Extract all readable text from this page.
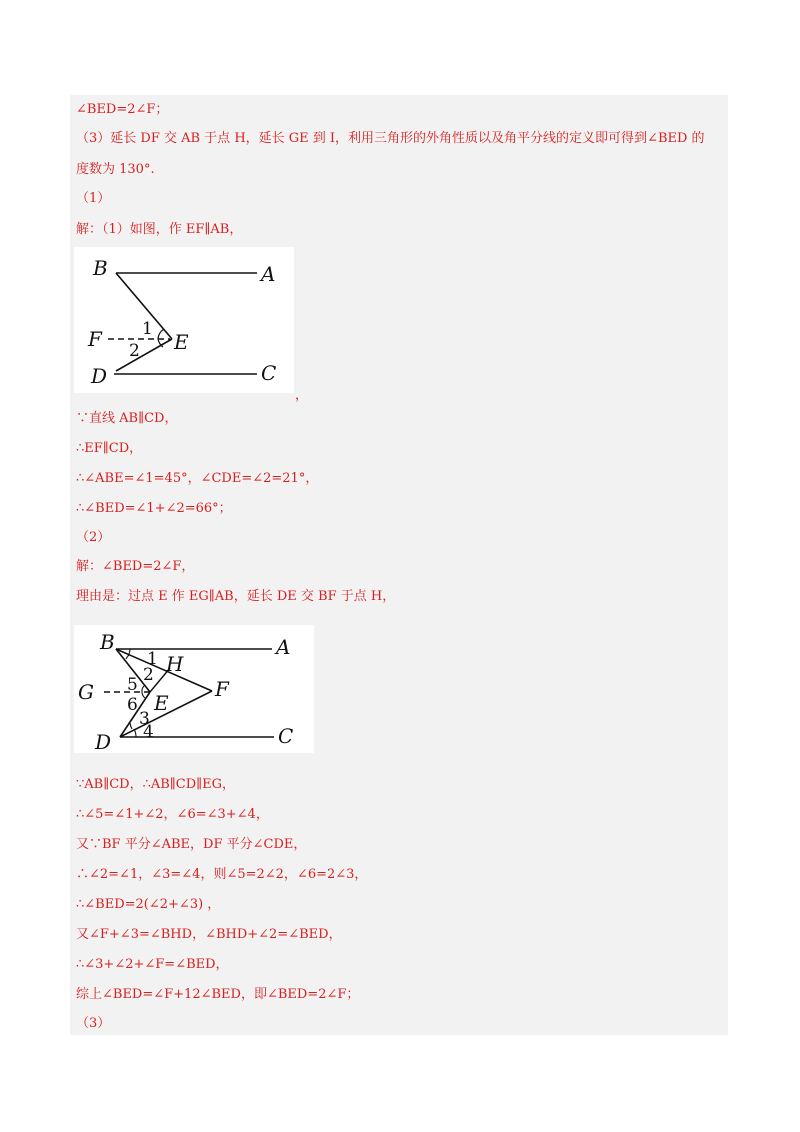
∠BED=2∠F；
（3）延长 DF 交 AB 于点 H，延长 GE 到 I，利用三角形的外角性质以及角平分线的定义即可得到∠BED 的
度数为 130°.
（1）
解：（1）如图，作 EF∥AB，
B	A
F	E
D	C
1
2
，
∵直线 AB∥CD，
∴EF∥CD，
∴∠ABE=∠1=45°，∠CDE=∠2=21°，
∴∠BED=∠1+∠2=66°；
（2）
解：∠BED=2∠F，
理由是：过点 E 作 EG∥AB，延长 DE 交 BF 于点 H，
B	A
H
G	F
E
D	C
1
2
5
6
3
4
∵AB∥CD，∴AB∥CD∥EG，
∴∠5=∠1+∠2，∠6=∠3+∠4，
又∵BF 平分∠ABE，DF 平分∠CDE，
∴∠2=∠1，∠3=∠4，则∠5=2∠2，∠6=2∠3，
∴∠BED=2(∠2+∠3) ，
又∠F+∠3=∠BHD，∠BHD+∠2=∠BED，
∴∠3+∠2+∠F=∠BED，
综上∠BED=∠F+12∠BED，即∠BED=2∠F；
（3）
